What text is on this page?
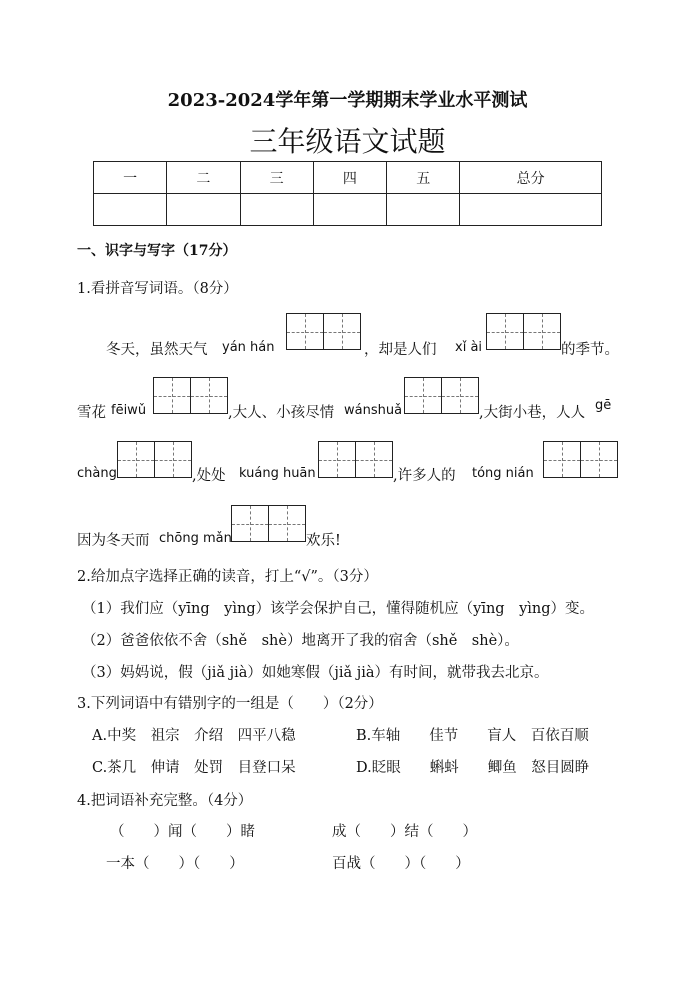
2023-2024学年第一学期期末学业水平测试
三年级语文试题
一	二	三	四	五	总分

一、识字与写字（17分）
1.看拼音写词语。（8分）
冬天，虽然天气 yán hán	，却是人们 xǐ ài	的季节。
雪花 fēiwǔ	,大人、小孩尽情 wánshuǎ	,大街小巷，人人 gē
chàng	,处处 kuáng huān	,许多人的 tóng nián
因为冬天而 chōng mǎn	欢乐!
2.给加点字选择正确的读音，打上“√”。（3分）
（1）我们应（yīng　yìng）该学会保护自己，懂得随机应（yīng　yìng）变。
（2）爸爸依依不舍（shě　shè）地离开了我的宿舍（shě　shè）。
（3）妈妈说，假（jiǎ jià）如她寒假（jiǎ jià）有时间，就带我去北京。
3.下列词语中有错别字的一组是（　　）（2分）
A.中奖　祖宗　介绍　四平八稳	B.车轴　　佳节　　盲人　百依百顺
C.茶几　伸请　处罚　目登口呆	D.眨眼　　蝌蚪　　鲫鱼　怒目圆睁
4.把词语补充完整。（4分）
（　　）闻（　　）睹	成（　　）结（　　）
一本（　　）（　　）	百战（　　）（　　）
